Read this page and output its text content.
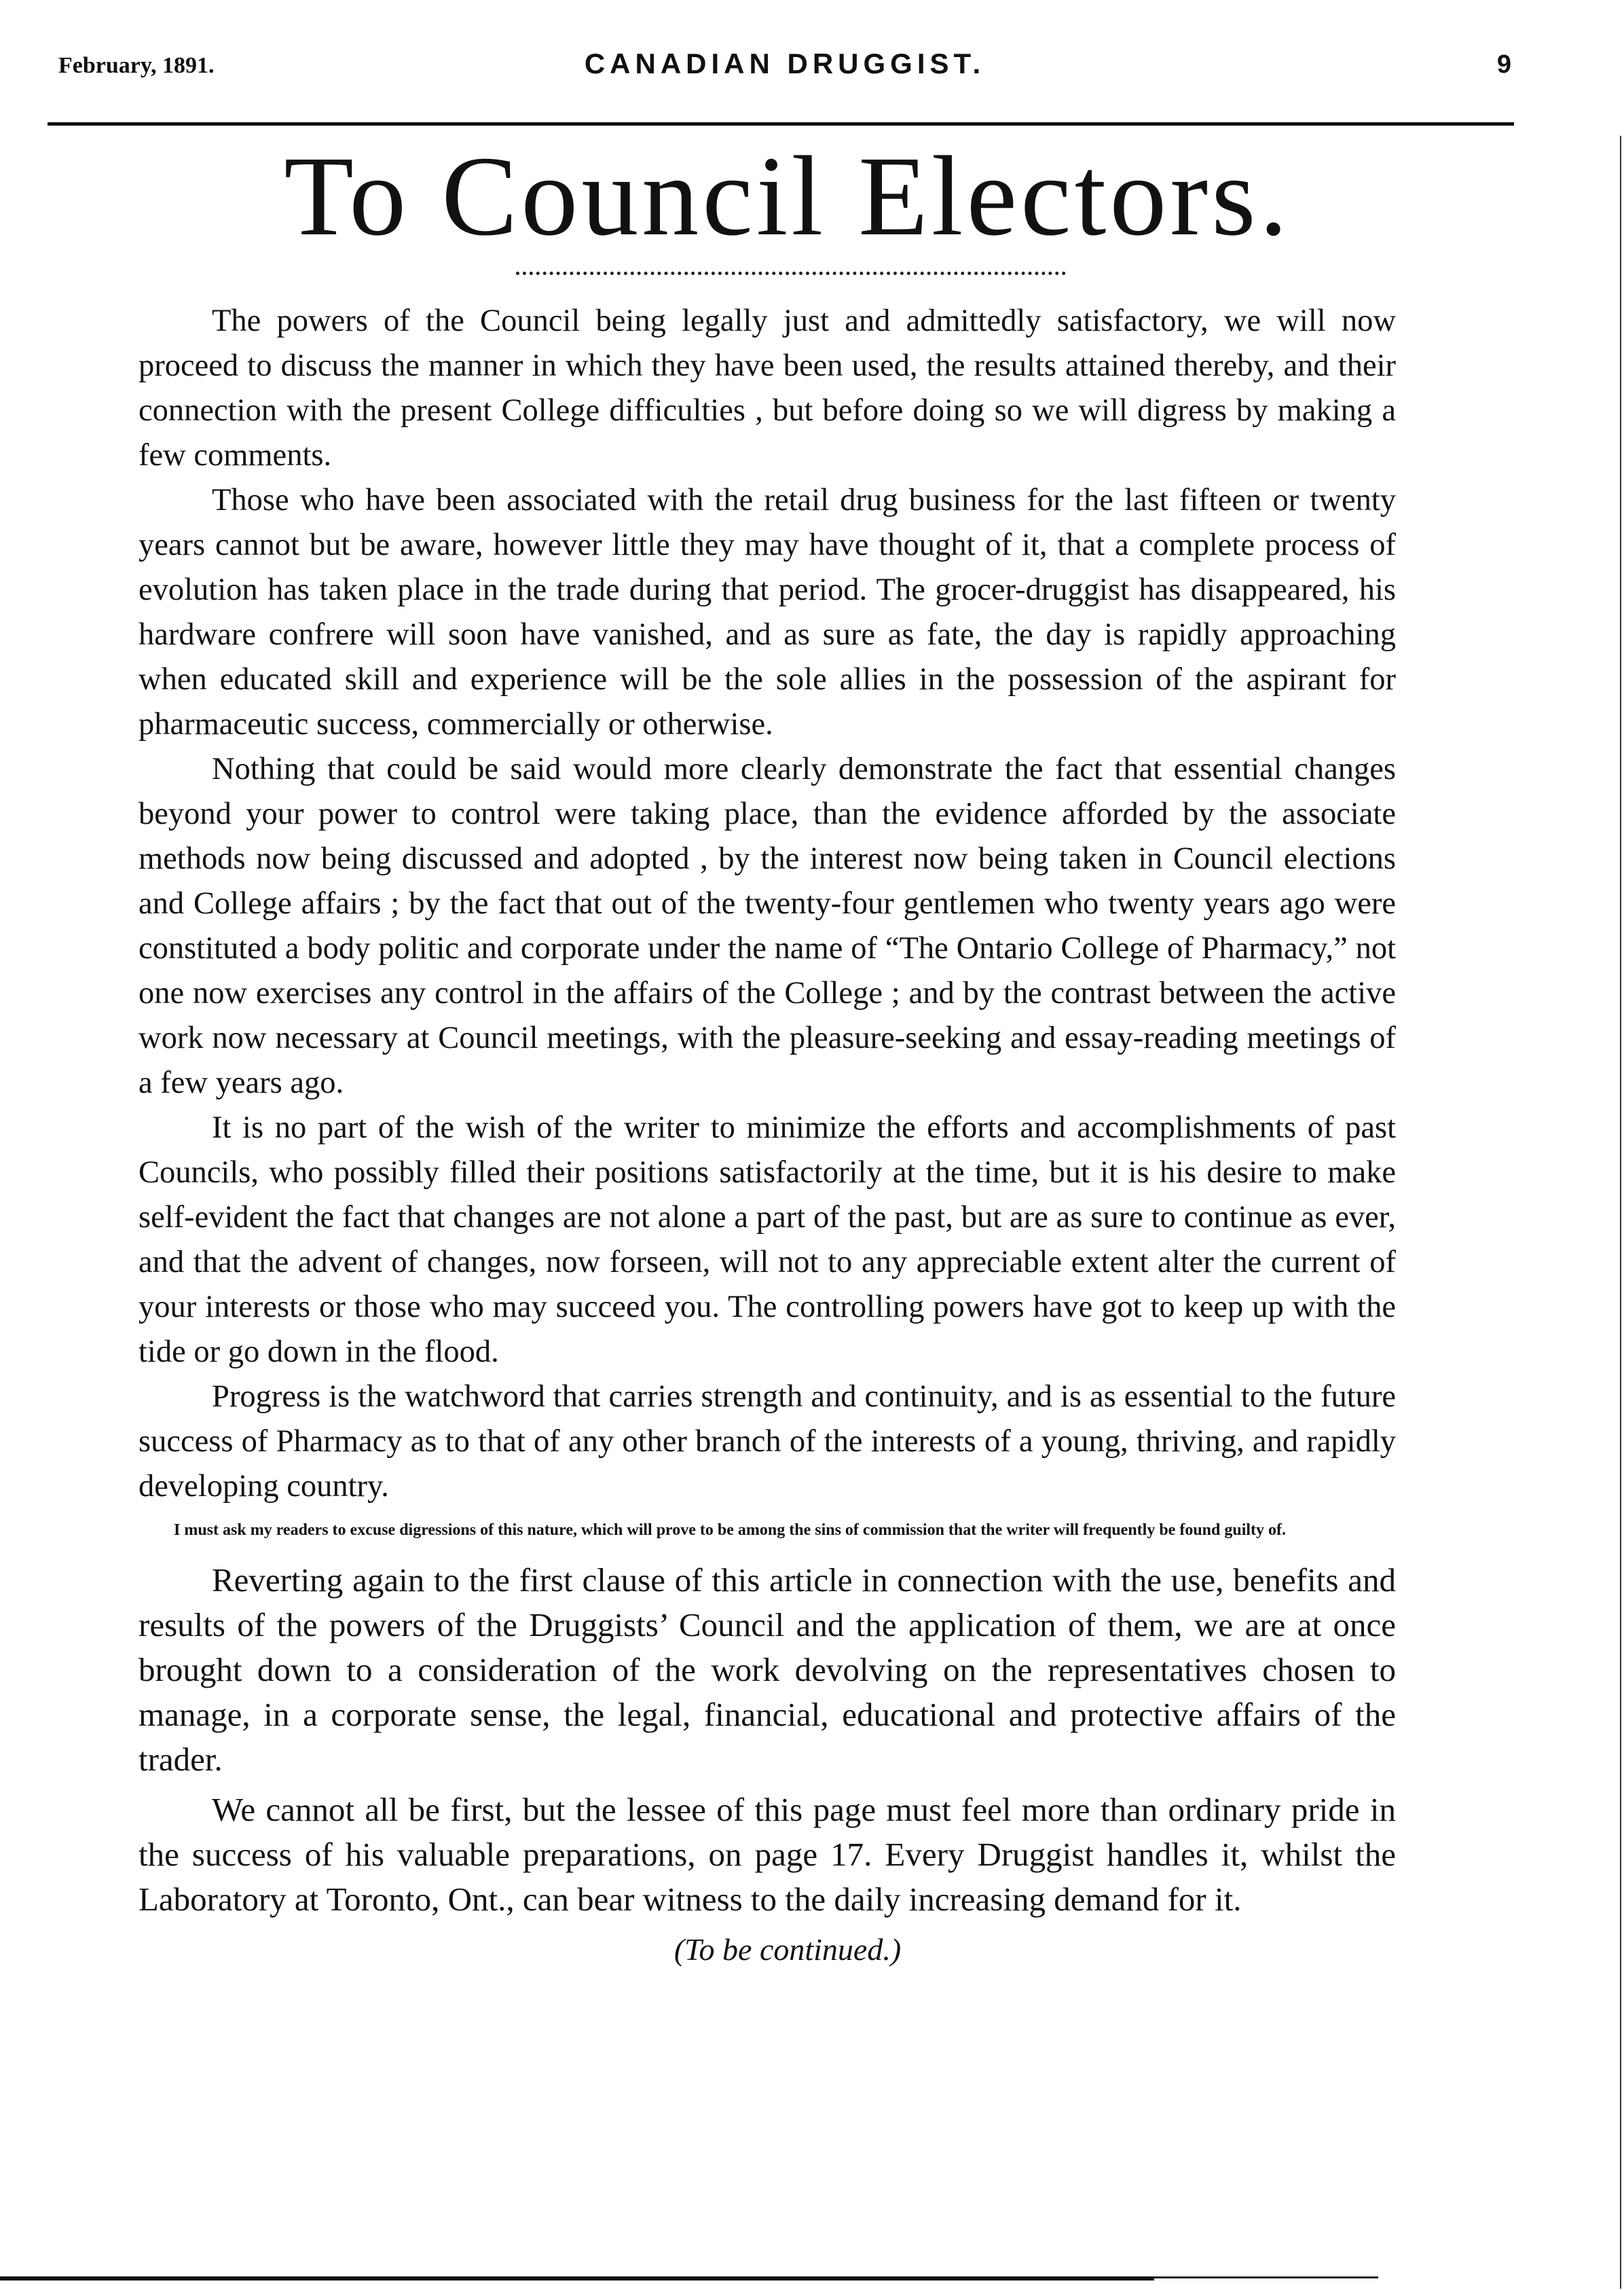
February, 1891.	CANADIAN DRUGGIST.	9
To Council Electors.

The powers of the Council being legally just and admittedly satisfactory, we will now proceed to discuss the manner in which they have been used, the results attained thereby, and their connection with the present College difficulties , but before doing so we will digress by making a few comments.

Those who have been associated with the retail drug business for the last fifteen or twenty years cannot but be aware, however little they may have thought of it, that a complete process of evolution has taken place in the trade during that period. The grocer-druggist has disappeared, his hardware confrere will soon have vanished, and as sure as fate, the day is rapidly approaching when educated skill and experience will be the sole allies in the possession of the aspirant for pharmaceutic success, commercially or otherwise.

Nothing that could be said would more clearly demonstrate the fact that essential changes beyond your power to control were taking place, than the evidence afforded by the associate methods now being discussed and adopted , by the interest now being taken in Council elections and College affairs ; by the fact that out of the twenty-four gentlemen who twenty years ago were constituted a body politic and corporate under the name of “The Ontario College of Pharmacy,” not one now exercises any control in the affairs of the College ; and by the contrast between the active work now necessary at Council meetings, with the pleasure-seeking and essay-reading meetings of a few years ago.

It is no part of the wish of the writer to minimize the efforts and accomplishments of past Councils, who possibly filled their positions satisfactorily at the time, but it is his desire to make self-evident the fact that changes are not alone a part of the past, but are as sure to continue as ever, and that the advent of changes, now forseen, will not to any appreciable extent alter the current of your interests or those who may succeed you. The controlling powers have got to keep up with the tide or go down in the flood.

Progress is the watchword that carries strength and continuity, and is as essential to the future success of Pharmacy as to that of any other branch of the interests of a young, thriving, and rapidly developing country.

I must ask my readers to excuse digressions of this nature, which will prove to be among the sins of commission that the writer will frequently be found guilty of.

Reverting again to the first clause of this article in connection with the use, benefits and results of the powers of the Druggists’ Council and the application of them, we are at once brought down to a consideration of the work devolving on the representatives chosen to manage, in a corporate sense, the legal, financial, educational and protective affairs of the trader.

We cannot all be first, but the lessee of this page must feel more than ordinary pride in the success of his valuable preparations, on page 17. Every Druggist handles it, whilst the Laboratory at Toronto, Ont., can bear witness to the daily increasing demand for it.

(To be continued.)
